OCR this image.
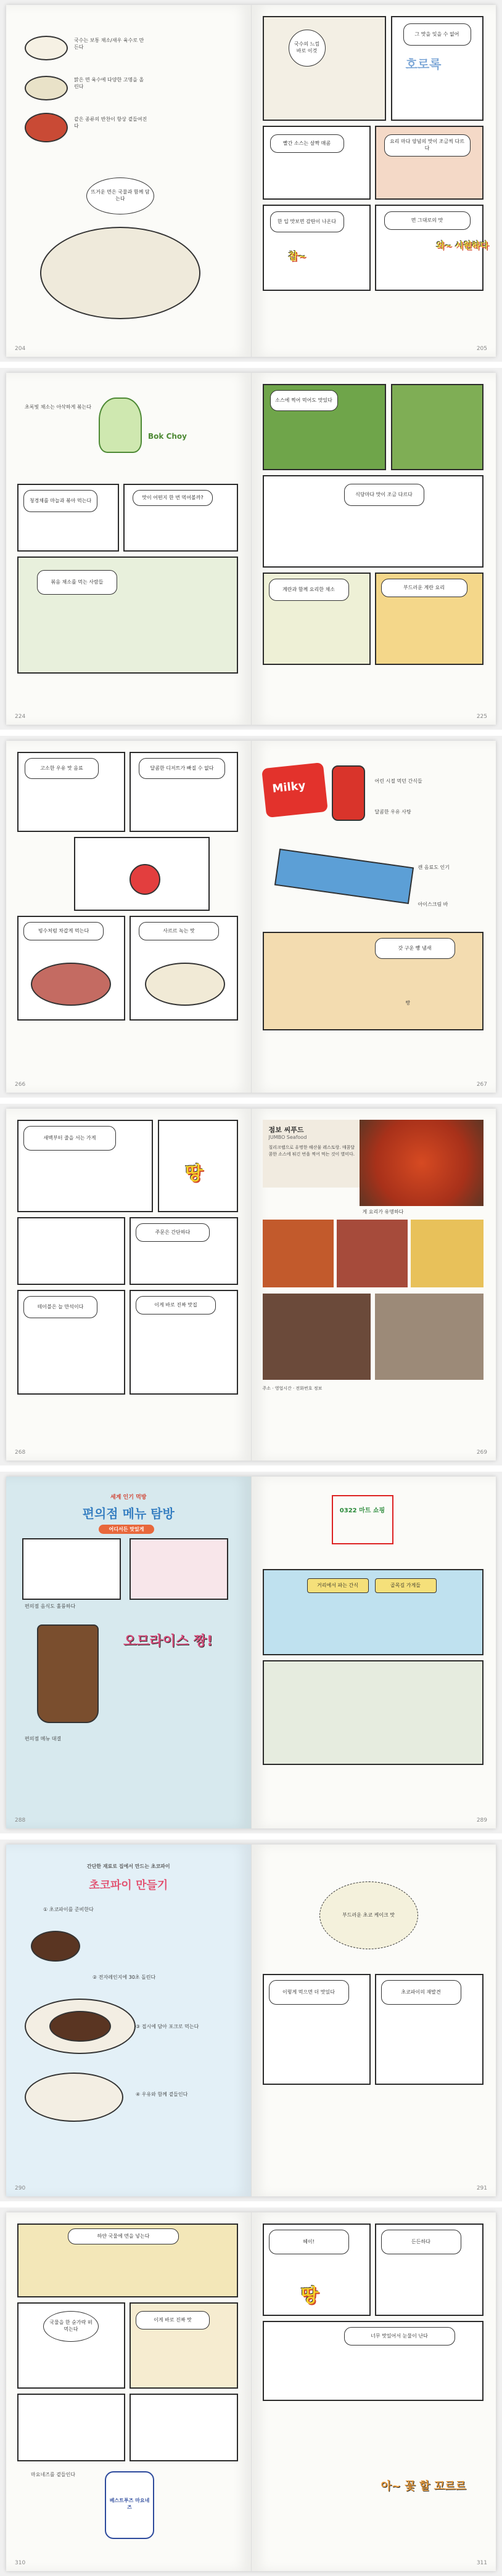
국수는 보통 채소/새우 육수로 만든다
맑은 면 육수에 다양한 고명을 올린다
같은 종류의 반찬이 항상 곁들여진다
뜨거운 면은 국물과 함께 담는다
204
국수의 느낌 바로 이것
그 맛을 잊을 수 없어
호로록
빨간 소스는 살짝 매콤	요리 마다 양념의 맛이 조금씩 다르다
한 입 맛보면 감탄이 나온다	면 그대로의 맛
와~ 시원하다
찹~
205
초록빛 채소는 아삭하게 볶는다
Bok Choy
청경채를 마늘과 볶아 먹는다
맛이 어떤지 한 번 먹어볼까?
볶음 채소를 먹는 사람들
224
소스에 찍어 먹어도 맛있다
식당마다 맛이 조금 다르다
계란과 함께 요리한 채소	부드러운 계란 요리
225
고소한 우유 맛 음료	달콤한 디저트가 빠질 수 없다
빙수처럼 차갑게 먹는다	사르르 녹는 맛
266
Milky	어린 시절 먹던 간식들
달콤한 우유 사탕
캔 음료도 인기
아이스크림 바
갓 구운 빵 냄새
빵
267
새벽부터 줄을 서는 가게
땅
주문은 간단하다
테이블은 늘 만석이다	이게 바로 진짜 맛집
268
점보 씨푸드
JUMBO Seafood
칠리크랩으로 유명한 해산물 레스토랑. 매콤달콤한 소스에 튀긴 번을 찍어 먹는 것이 별미다.
게 요리가 유명하다
주소 · 영업시간 · 전화번호 정보
269
세계 인기 먹방
편의점 메뉴 탐방
어디서든 맛있게
편의점 음식도 훌륭하다
오므라이스 짱!
편의점 메뉴 대결
288
0322 마트 쇼핑
거리에서 파는 간식	골목길 가게들
289
간단한 재료로 집에서 만드는 초코파이
초코파이 만들기
① 초코파이를 준비한다
② 전자레인지에 30초 돌린다
③ 접시에 담아 포크로 먹는다
④ 우유와 함께 곁들인다
290
부드러운 초코 케이크 맛
이렇게 먹으면 더 맛있다	초코파이의 재발견
291
하얀 국물에 면을 넣는다
국물을 한 숟가락 떠먹는다
이게 바로 진짜 맛
마요네즈를 곁들인다
베스트푸즈 마요네즈
310
헤이!	든든하다
땅
너무 맛있어서 눈물이 난다
아~ 꽃 할 꼬르르
311
